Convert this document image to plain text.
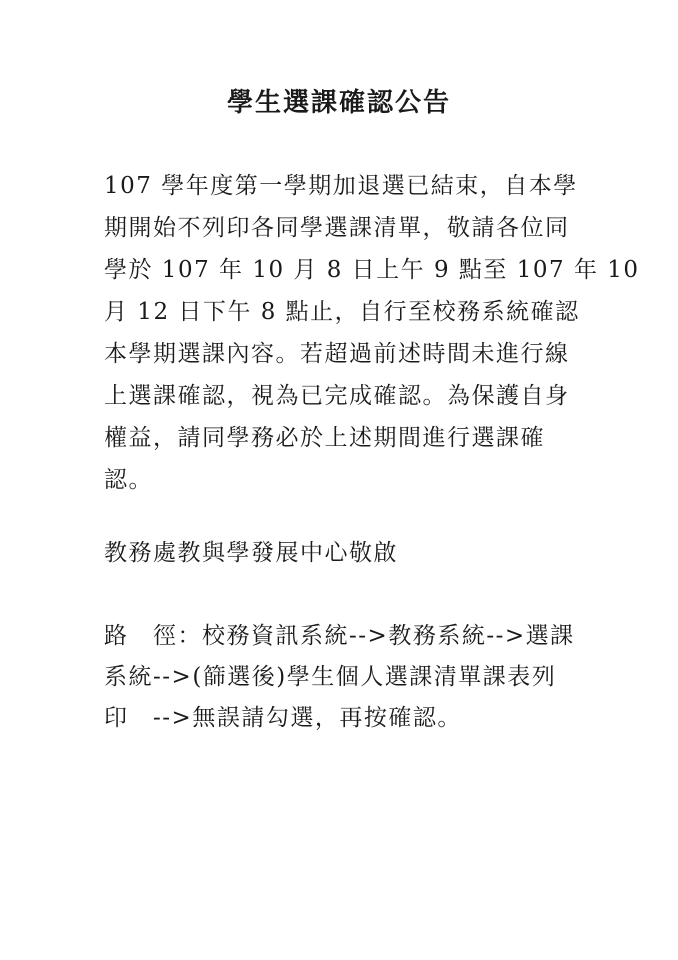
學生選課確認公告

107 學年度第一學期加退選已結束，自本學

期開始不列印各同學選課清單，敬請各位同

學於 107 年 10 月 8 日上午 9 點至 107 年 10

月 12 日下午 8 點止，自行至校務系統確認

本學期選課內容。若超過前述時間未進行線

上選課確認，視為已完成確認。為保護自身

權益，請同學務必於上述期間進行選課確

認。

教務處教與學發展中心敬啟

路　徑：校務資訊系統-->教務系統-->選課

系統-->(篩選後)學生個人選課清單課表列

印　-->無誤請勾選，再按確認。
